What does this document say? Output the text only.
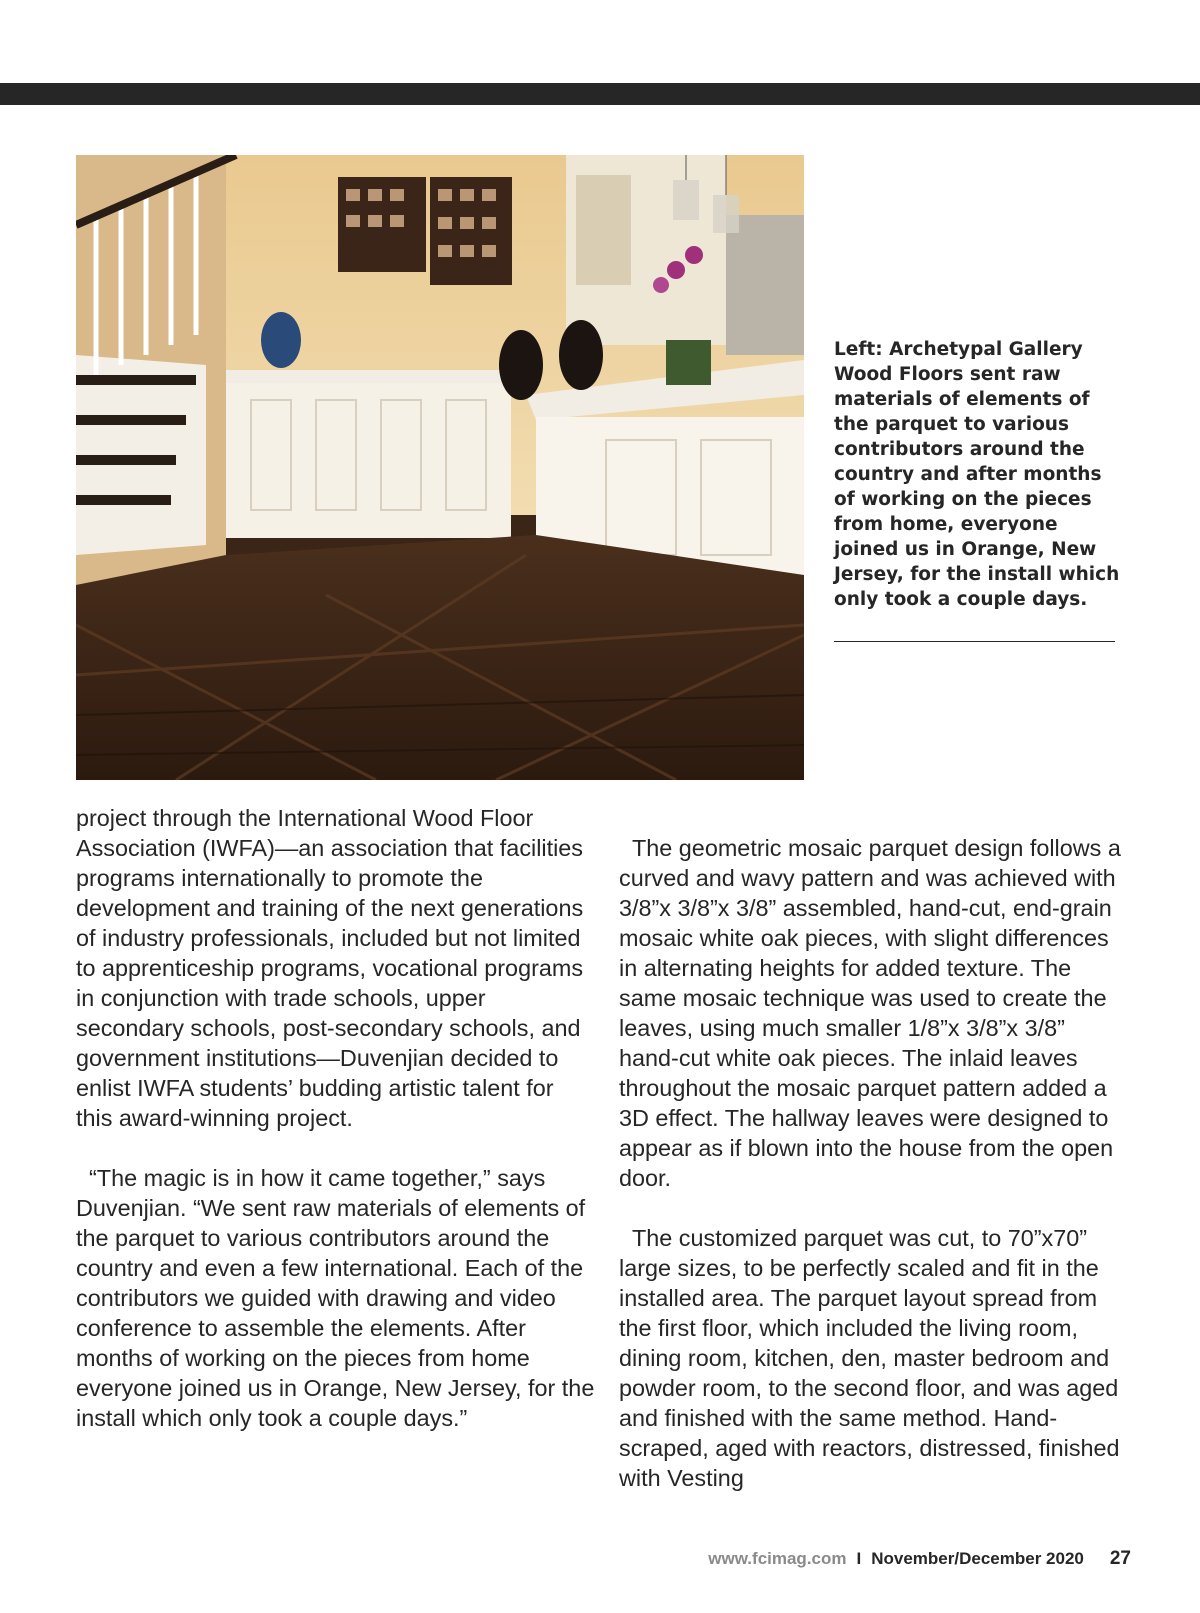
Left: Archetypal Gallery Wood Floors sent raw materials of elements of the parquet to various contributors around the country and after months of working on the pieces from home, everyone joined us in Orange, New Jersey, for the install which only took a couple days.

project through the International Wood Floor Association (IWFA)—an association that facilities programs internationally to promote the development and training of the next generations of industry professionals, included but not limited to apprenticeship programs, vocational programs in conjunction with trade schools, upper secondary schools, post-secondary schools, and government institutions—Duvenjian decided to enlist IWFA students’ budding artistic talent for this award-winning project.

“The magic is in how it came together,” says Duvenjian. “We sent raw materials of elements of the parquet to various contributors around the country and even a few international. Each of the contributors we guided with drawing and video conference to assemble the elements. After months of working on the pieces from home everyone joined us in Orange, New Jersey, for the install which only took a couple days.”

The geometric mosaic parquet design follows a curved and wavy pattern and was achieved with 3/8”x 3/8”x 3/8” assembled, hand-cut, end-grain mosaic white oak pieces, with slight differences in alternating heights for added texture. The same mosaic technique was used to create the leaves, using much smaller 1/8”x 3/8”x 3/8” hand-cut white oak pieces. The inlaid leaves throughout the mosaic parquet pattern added a 3D effect. The hallway leaves were designed to appear as if blown into the house from the open door.

The customized parquet was cut, to 70”x70” large sizes, to be perfectly scaled and fit in the installed area. The parquet layout spread from the first floor, which included the living room, dining room, kitchen, den, master bedroom and powder room, to the second floor, and was aged and finished with the same method. Hand-scraped, aged with reactors, distressed, finished with Vesting

www.fcimag.com I November/December 2020 27
